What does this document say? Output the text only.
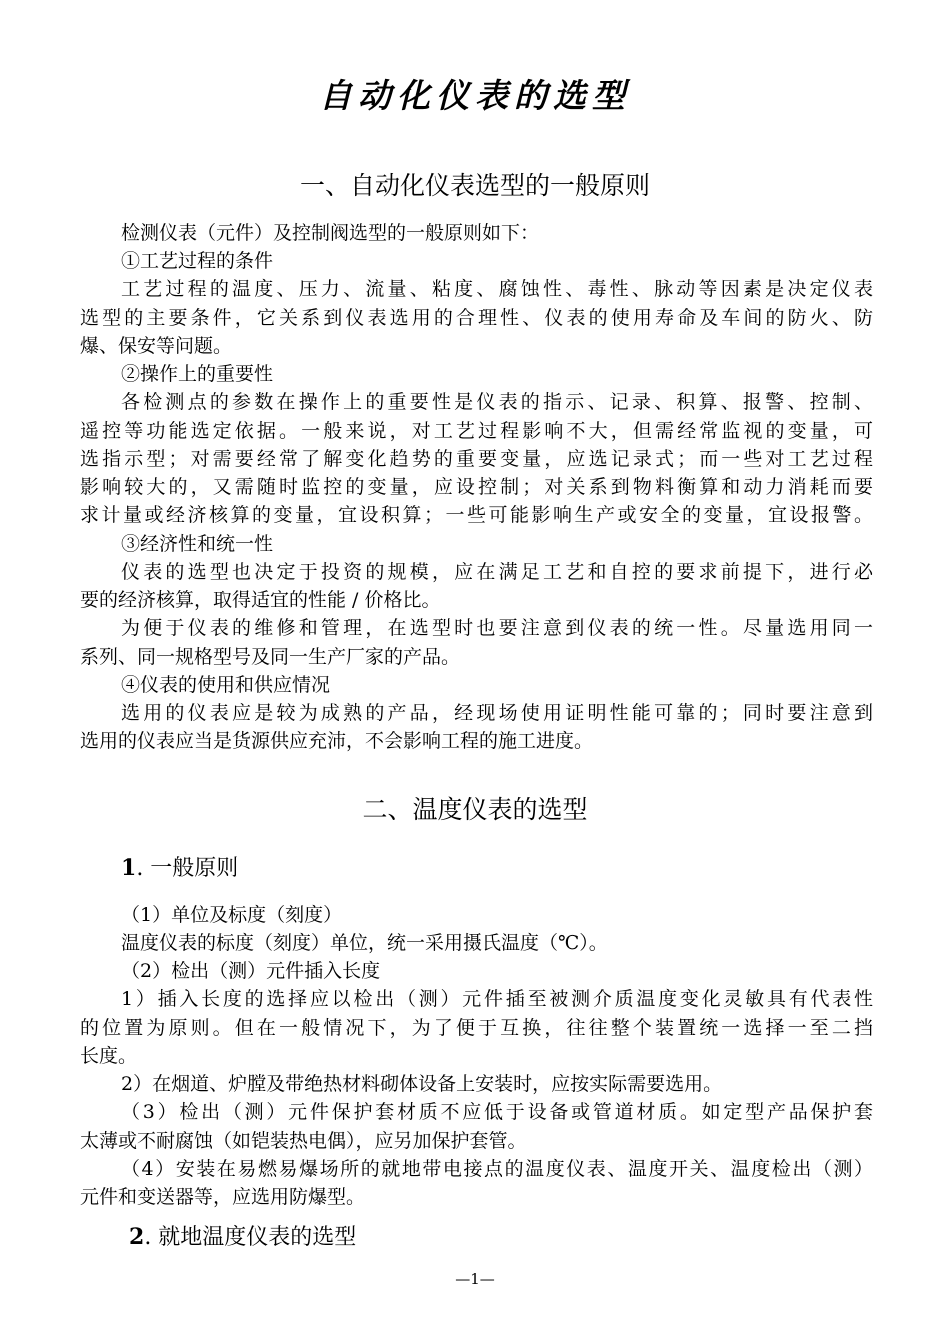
自动化仪表的选型
一、自动化仪表选型的一般原则
检测仪表（元件）及控制阀选型的一般原则如下：
①工艺过程的条件
工艺过程的温度、压力、流量、粘度、腐蚀性、毒性、脉动等因素是决定仪表
选型的主要条件，它关系到仪表选用的合理性、仪表的使用寿命及车间的防火、防
爆、保安等问题。
②操作上的重要性
各检测点的参数在操作上的重要性是仪表的指示、记录、积算、报警、控制、
遥控等功能选定依据。一般来说，对工艺过程影响不大，但需经常监视的变量，可
选指示型；对需要经常了解变化趋势的重要变量，应选记录式；而一些对工艺过程
影响较大的，又需随时监控的变量，应设控制；对关系到物料衡算和动力消耗而要
求计量或经济核算的变量，宜设积算；一些可能影响生产或安全的变量，宜设报警。
③经济性和统一性
仪表的选型也决定于投资的规模，应在满足工艺和自控的要求前提下，进行必
要的经济核算，取得适宜的性能 / 价格比。
为便于仪表的维修和管理，在选型时也要注意到仪表的统一性。尽量选用同一
系列、同一规格型号及同一生产厂家的产品。
④仪表的使用和供应情况
选用的仪表应是较为成熟的产品，经现场使用证明性能可靠的；同时要注意到
选用的仪表应当是货源供应充沛，不会影响工程的施工进度。
二、温度仪表的选型
1. 一般原则
（1）单位及标度（刻度）
温度仪表的标度（刻度）单位，统一采用摄氏温度（℃）。
（2）检出（测）元件插入长度
1）插入长度的选择应以检出（测）元件插至被测介质温度变化灵敏具有代表性
的位置为原则。但在一般情况下，为了便于互换，往往整个装置统一选择一至二挡
长度。
2）在烟道、炉膛及带绝热材料砌体设备上安装时，应按实际需要选用。
（3）检出（测）元件保护套材质不应低于设备或管道材质。如定型产品保护套
太薄或不耐腐蚀（如铠装热电偶），应另加保护套管。
（4）安装在易燃易爆场所的就地带电接点的温度仪表、温度开关、温度检出（测）
元件和变送器等，应选用防爆型。
2. 就地温度仪表的选型
—1—
